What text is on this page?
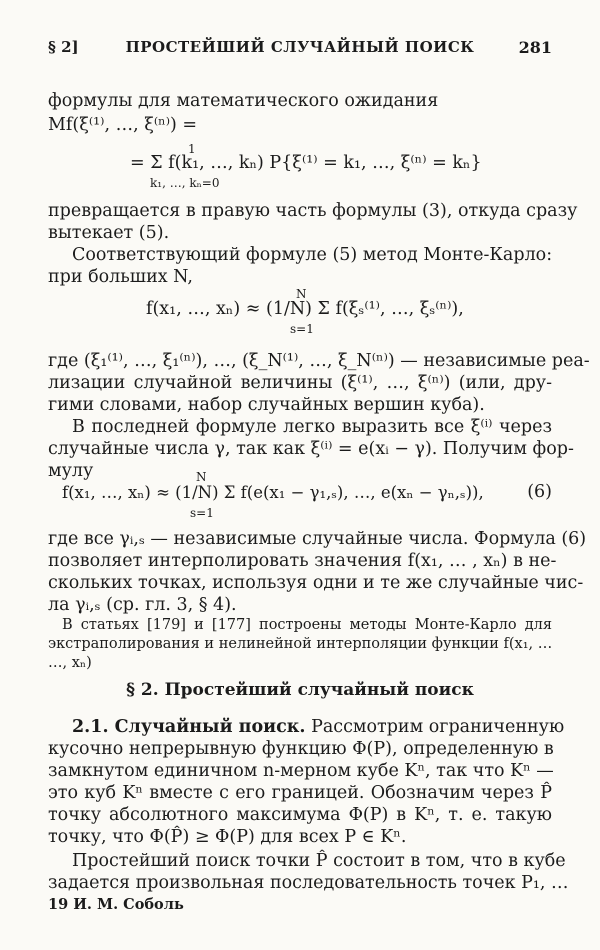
§ 2]	ПРОСТЕЙШИЙ СЛУЧАЙНЫЙ ПОИСК	281
формулы для математического ожидания
Mf(ξ⁽¹⁾, …, ξ⁽ⁿ⁾) =
1
= Σ f(k₁, …, kₙ) P{ξ⁽¹⁾ = k₁, …, ξ⁽ⁿ⁾ = kₙ}
k₁, …, kₙ=0
превращается в правую часть формулы (3), откуда сразу
вытекает (5).
Соответствующий формуле (5) метод Монте-Карло:
при больших N,
N
f(x₁, …, xₙ) ≈ (1/N) Σ f(ξₛ⁽¹⁾, …, ξₛ⁽ⁿ⁾),
s=1
где (ξ₁⁽¹⁾, …, ξ₁⁽ⁿ⁾), …, (ξ_N⁽¹⁾, …, ξ_N⁽ⁿ⁾) — независимые реа-
лизации случайной величины (ξ⁽¹⁾, …, ξ⁽ⁿ⁾) (или, дру-
гими словами, набор случайных вершин куба).
В последней формуле легко выразить все ξ⁽ⁱ⁾ через
случайные числа γ, так как ξ⁽ⁱ⁾ = e(xᵢ − γ). Получим фор-
мулу	N
f(x₁, …, xₙ) ≈ (1/N) Σ f(e(x₁ − γ₁,ₛ), …, e(xₙ − γₙ,ₛ)),
s=1
(6)
где все γᵢ,ₛ — независимые случайные числа. Формула (6)
позволяет интерполировать значения f(x₁, … , xₙ) в не-
скольких точках, используя одни и те же случайные чис-
ла γᵢ,ₛ (ср. гл. 3, § 4).
В статьях [179] и [177] построены методы Монте-Карло для
экстраполирования и нелинейной интерполяции функции f(x₁, …
…, xₙ)
§ 2. Простейший случайный поиск
2.1. Случайный поиск. Рассмотрим ограниченную
кусочно непрерывную функцию Φ(P), определенную в
замкнутом единичном n-мерном кубе Kⁿ, так что Kⁿ —
это куб Kⁿ вместе с его границей. Обозначим через P̂
точку абсолютного максимума Φ(P) в Kⁿ, т. е. такую
точку, что Φ(P̂) ≥ Φ(P) для всех P ∈ Kⁿ.
Простейший поиск точки P̂ состоит в том, что в кубе
задается произвольная последовательность точек P₁, …
19 И. М. Соболь
